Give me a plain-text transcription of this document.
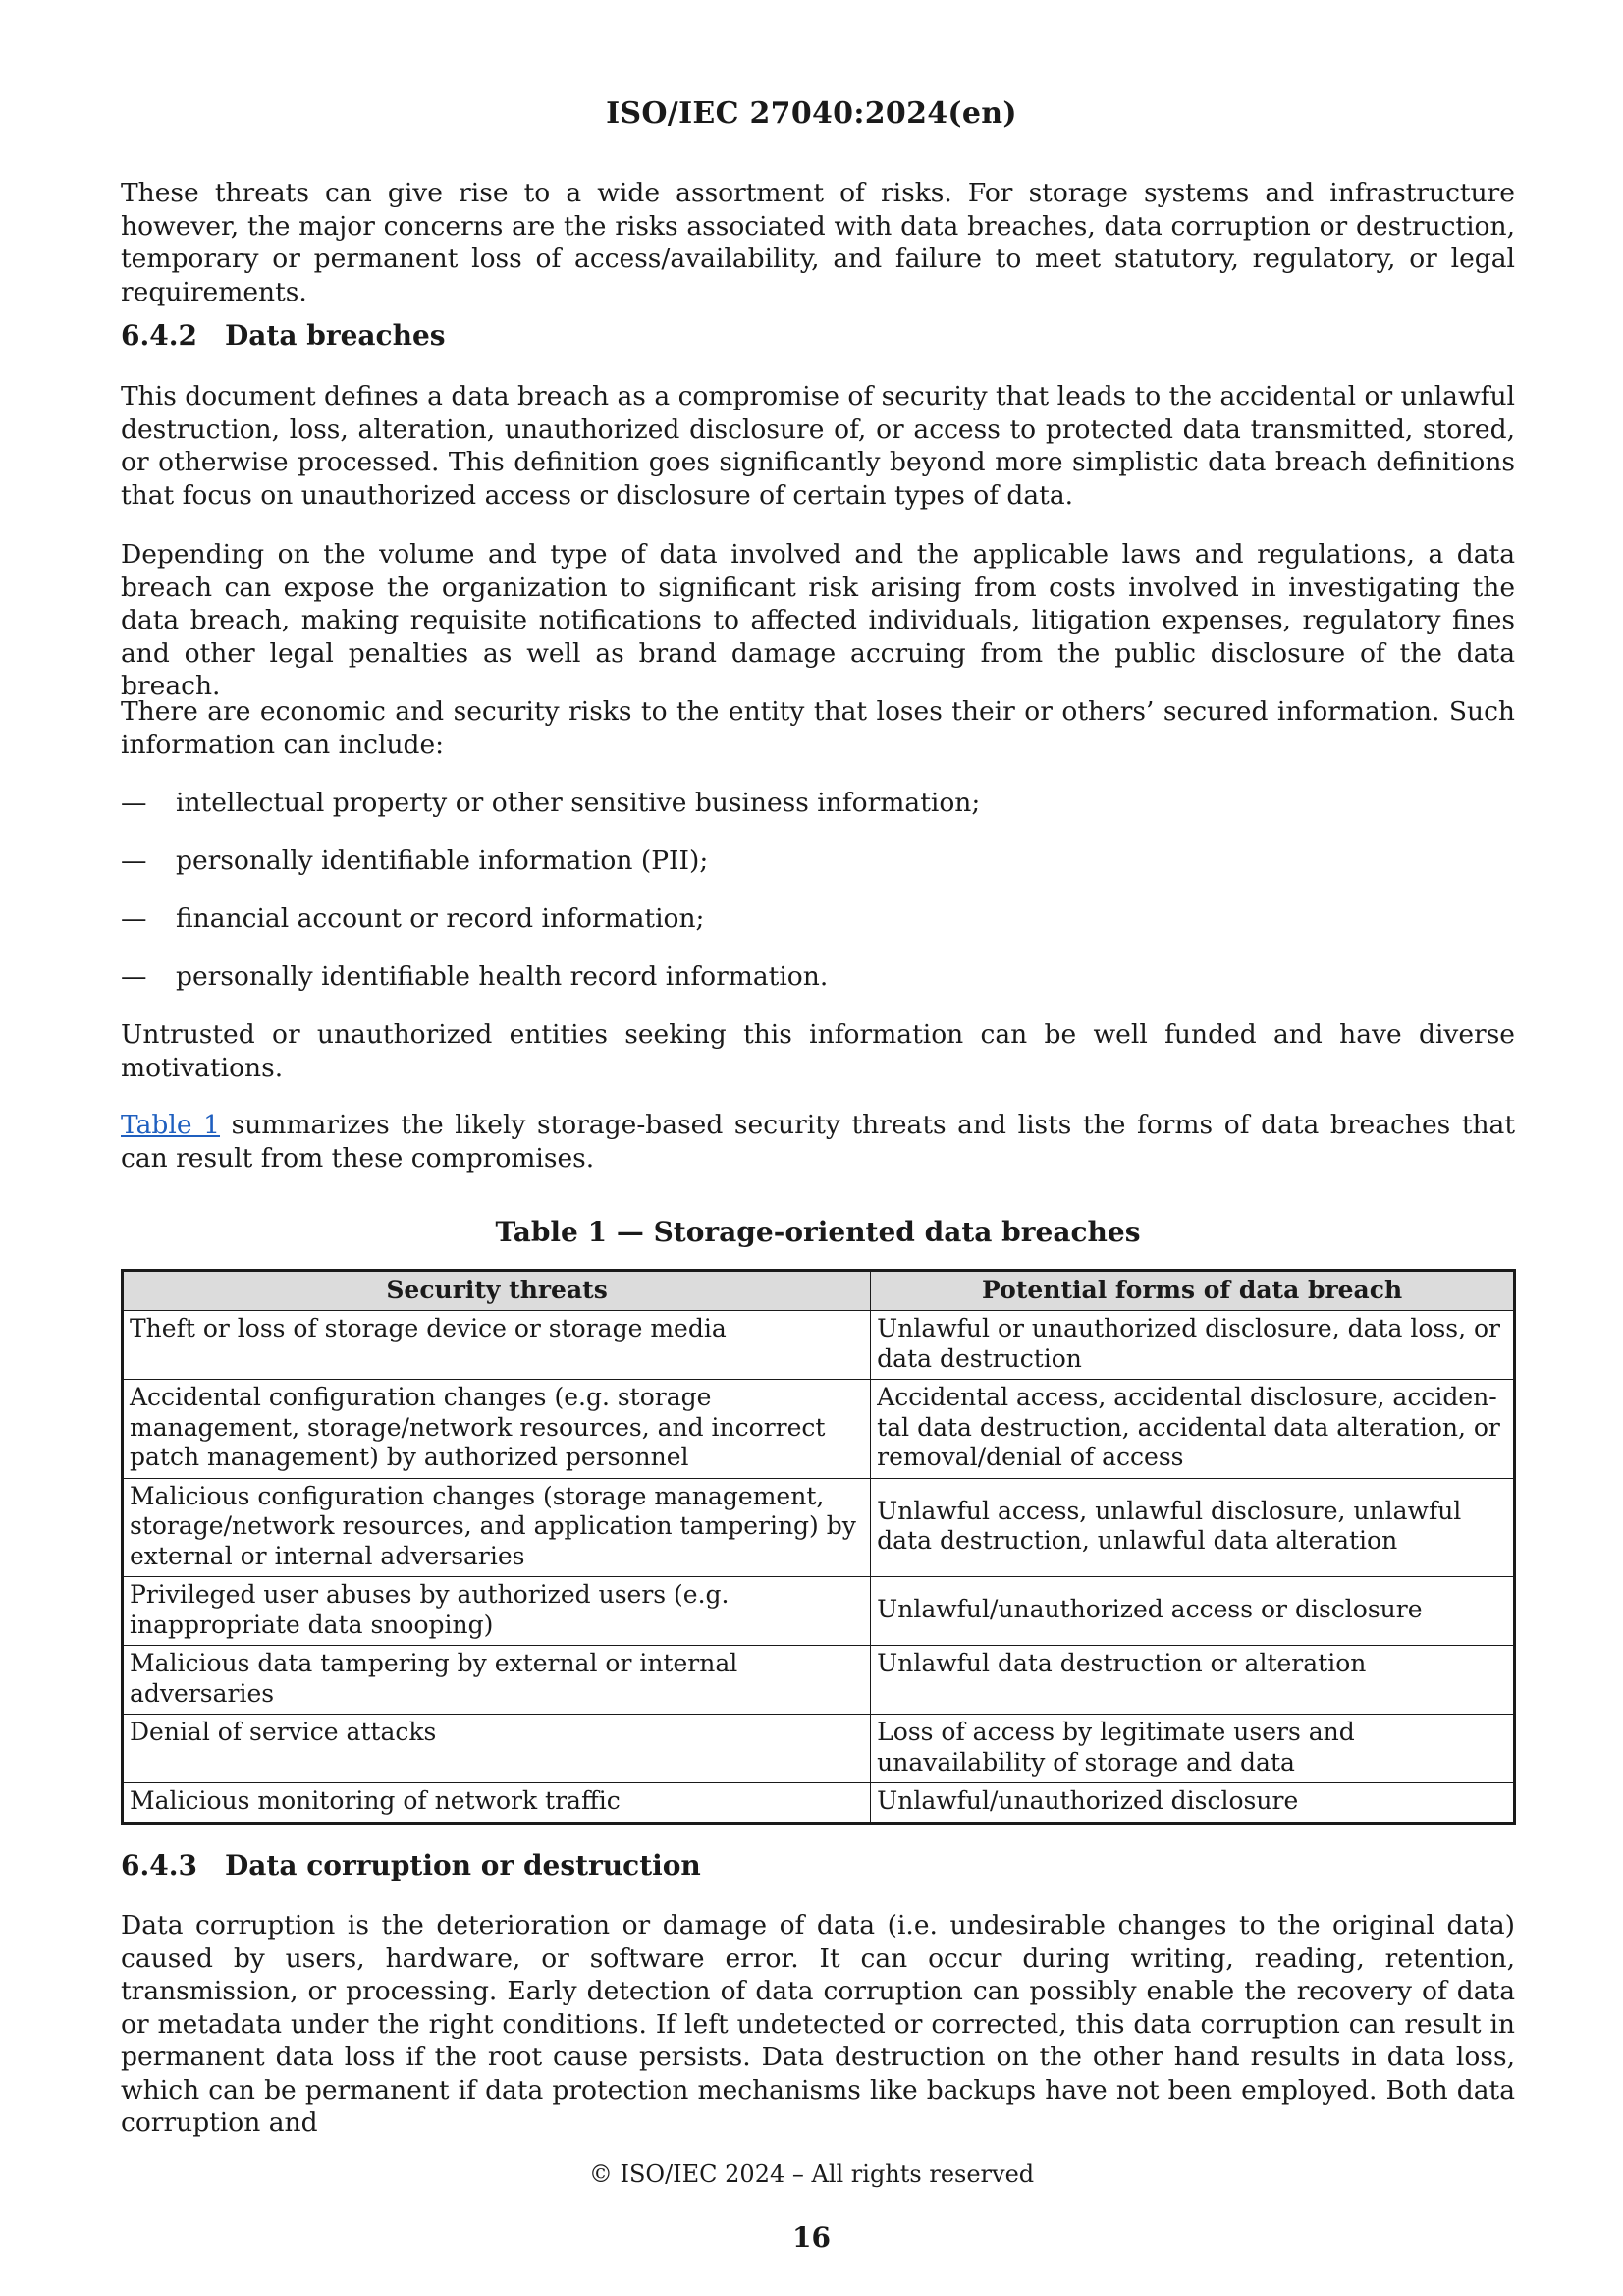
ISO/IEC 27040:2024(en)

These threats can give rise to a wide assortment of risks. For storage systems and infrastructure however, the major concerns are the risks associated with data breaches, data corruption or destruction, temporary or permanent loss of access/availability, and failure to meet statutory, regulatory, or legal requirements.

6.4.2 Data breaches

This document defines a data breach as a compromise of security that leads to the accidental or unlawful destruction, loss, alteration, unauthorized disclosure of, or access to protected data transmitted, stored, or otherwise processed. This definition goes significantly beyond more simplistic data breach definitions that focus on unauthorized access or disclosure of certain types of data.

Depending on the volume and type of data involved and the applicable laws and regulations, a data breach can expose the organization to significant risk arising from costs involved in investigating the data breach, making requisite notifications to affected individuals, litigation expenses, regulatory fines and other legal penalties as well as brand damage accruing from the public disclosure of the data breach.

There are economic and security risks to the entity that loses their or others’ secured information. Such information can include:

— intellectual property or other sensitive business information;
— personally identifiable information (PII);
— financial account or record information;
— personally identifiable health record information.

Untrusted or unauthorized entities seeking this information can be well funded and have diverse motivations.

Table 1 summarizes the likely storage-based security threats and lists the forms of data breaches that can result from these compromises.

Table 1 — Storage-oriented data breaches
Security threats	Potential forms of data breach
Theft or loss of storage device or storage media	Unlawful or unauthorized disclosure, data loss, or data destruction
Accidental configuration changes (e.g. storage management, storage/network resources, and incorrect patch management) by authorized personnel	Accidental access, accidental disclosure, acciden-tal data destruction, accidental data alteration, or removal/denial of access
Malicious configuration changes (storage management, storage/network resources, and application tampering) by external or internal adversaries	Unlawful access, unlawful disclosure, unlawful data destruction, unlawful data alteration
Privileged user abuses by authorized users (e.g. inappropriate data snooping)	Unlawful/unauthorized access or disclosure
Malicious data tampering by external or internal adversaries	Unlawful data destruction or alteration
Denial of service attacks	Loss of access by legitimate users and unavailability of storage and data
Malicious monitoring of network traffic	Unlawful/unauthorized disclosure
6.4.3 Data corruption or destruction

Data corruption is the deterioration or damage of data (i.e. undesirable changes to the original data) caused by users, hardware, or software error. It can occur during writing, reading, retention, transmission, or processing. Early detection of data corruption can possibly enable the recovery of data or metadata under the right conditions. If left undetected or corrected, this data corruption can result in permanent data loss if the root cause persists. Data destruction on the other hand results in data loss, which can be permanent if data protection mechanisms like backups have not been employed. Both data corruption and

© ISO/IEC 2024 – All rights reserved
16
